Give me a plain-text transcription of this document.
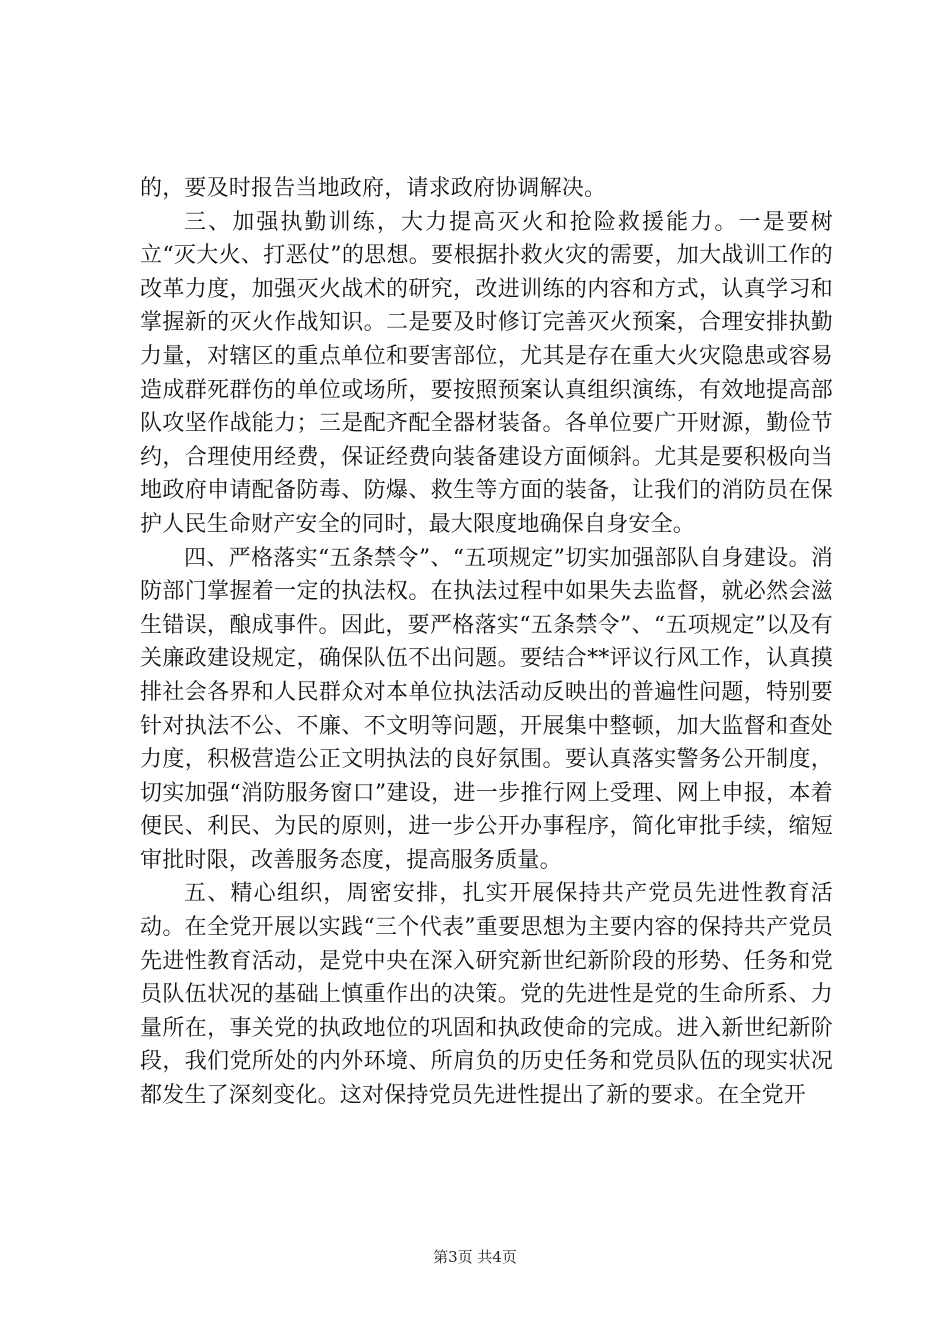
的，要及时报告当地政府，请求政府协调解决。

三、加强执勤训练，大力提高灭火和抢险救援能力。一是要树立“灭大火、打恶仗”的思想。要根据扑救火灾的需要，加大战训工作的改革力度，加强灭火战术的研究，改进训练的内容和方式，认真学习和掌握新的灭火作战知识。二是要及时修订完善灭火预案，合理安排执勤力量，对辖区的重点单位和要害部位，尤其是存在重大火灾隐患或容易造成群死群伤的单位或场所，要按照预案认真组织演练，有效地提高部队攻坚作战能力；三是配齐配全器材装备。各单位要广开财源，勤俭节约，合理使用经费，保证经费向装备建设方面倾斜。尤其是要积极向当地政府申请配备防毒、防爆、救生等方面的装备，让我们的消防员在保护人民生命财产安全的同时，最大限度地确保自身安全。

四、严格落实“五条禁令”、“五项规定”切实加强部队自身建设。消防部门掌握着一定的执法权。在执法过程中如果失去监督，就必然会滋生错误，酿成事件。因此，要严格落实“五条禁令”、“五项规定”以及有关廉政建设规定，确保队伍不出问题。要结合**评议行风工作，认真摸排社会各界和人民群众对本单位执法活动反映出的普遍性问题，特别要针对执法不公、不廉、不文明等问题，开展集中整顿，加大监督和查处力度，积极营造公正文明执法的良好氛围。要认真落实警务公开制度，切实加强“消防服务窗口”建设，进一步推行网上受理、网上申报，本着便民、利民、为民的原则，进一步公开办事程序，简化审批手续，缩短审批时限，改善服务态度，提高服务质量。

五、精心组织，周密安排，扎实开展保持共产党员先进性教育活动。在全党开展以实践“三个代表”重要思想为主要内容的保持共产党员先进性教育活动，是党中央在深入研究新世纪新阶段的形势、任务和党员队伍状况的基础上慎重作出的决策。党的先进性是党的生命所系、力量所在，事关党的执政地位的巩固和执政使命的完成。进入新世纪新阶段，我们党所处的内外环境、所肩负的历史任务和党员队伍的现实状况都发生了深刻变化。这对保持党员先进性提出了新的要求。在全党开

第3页 共4页
